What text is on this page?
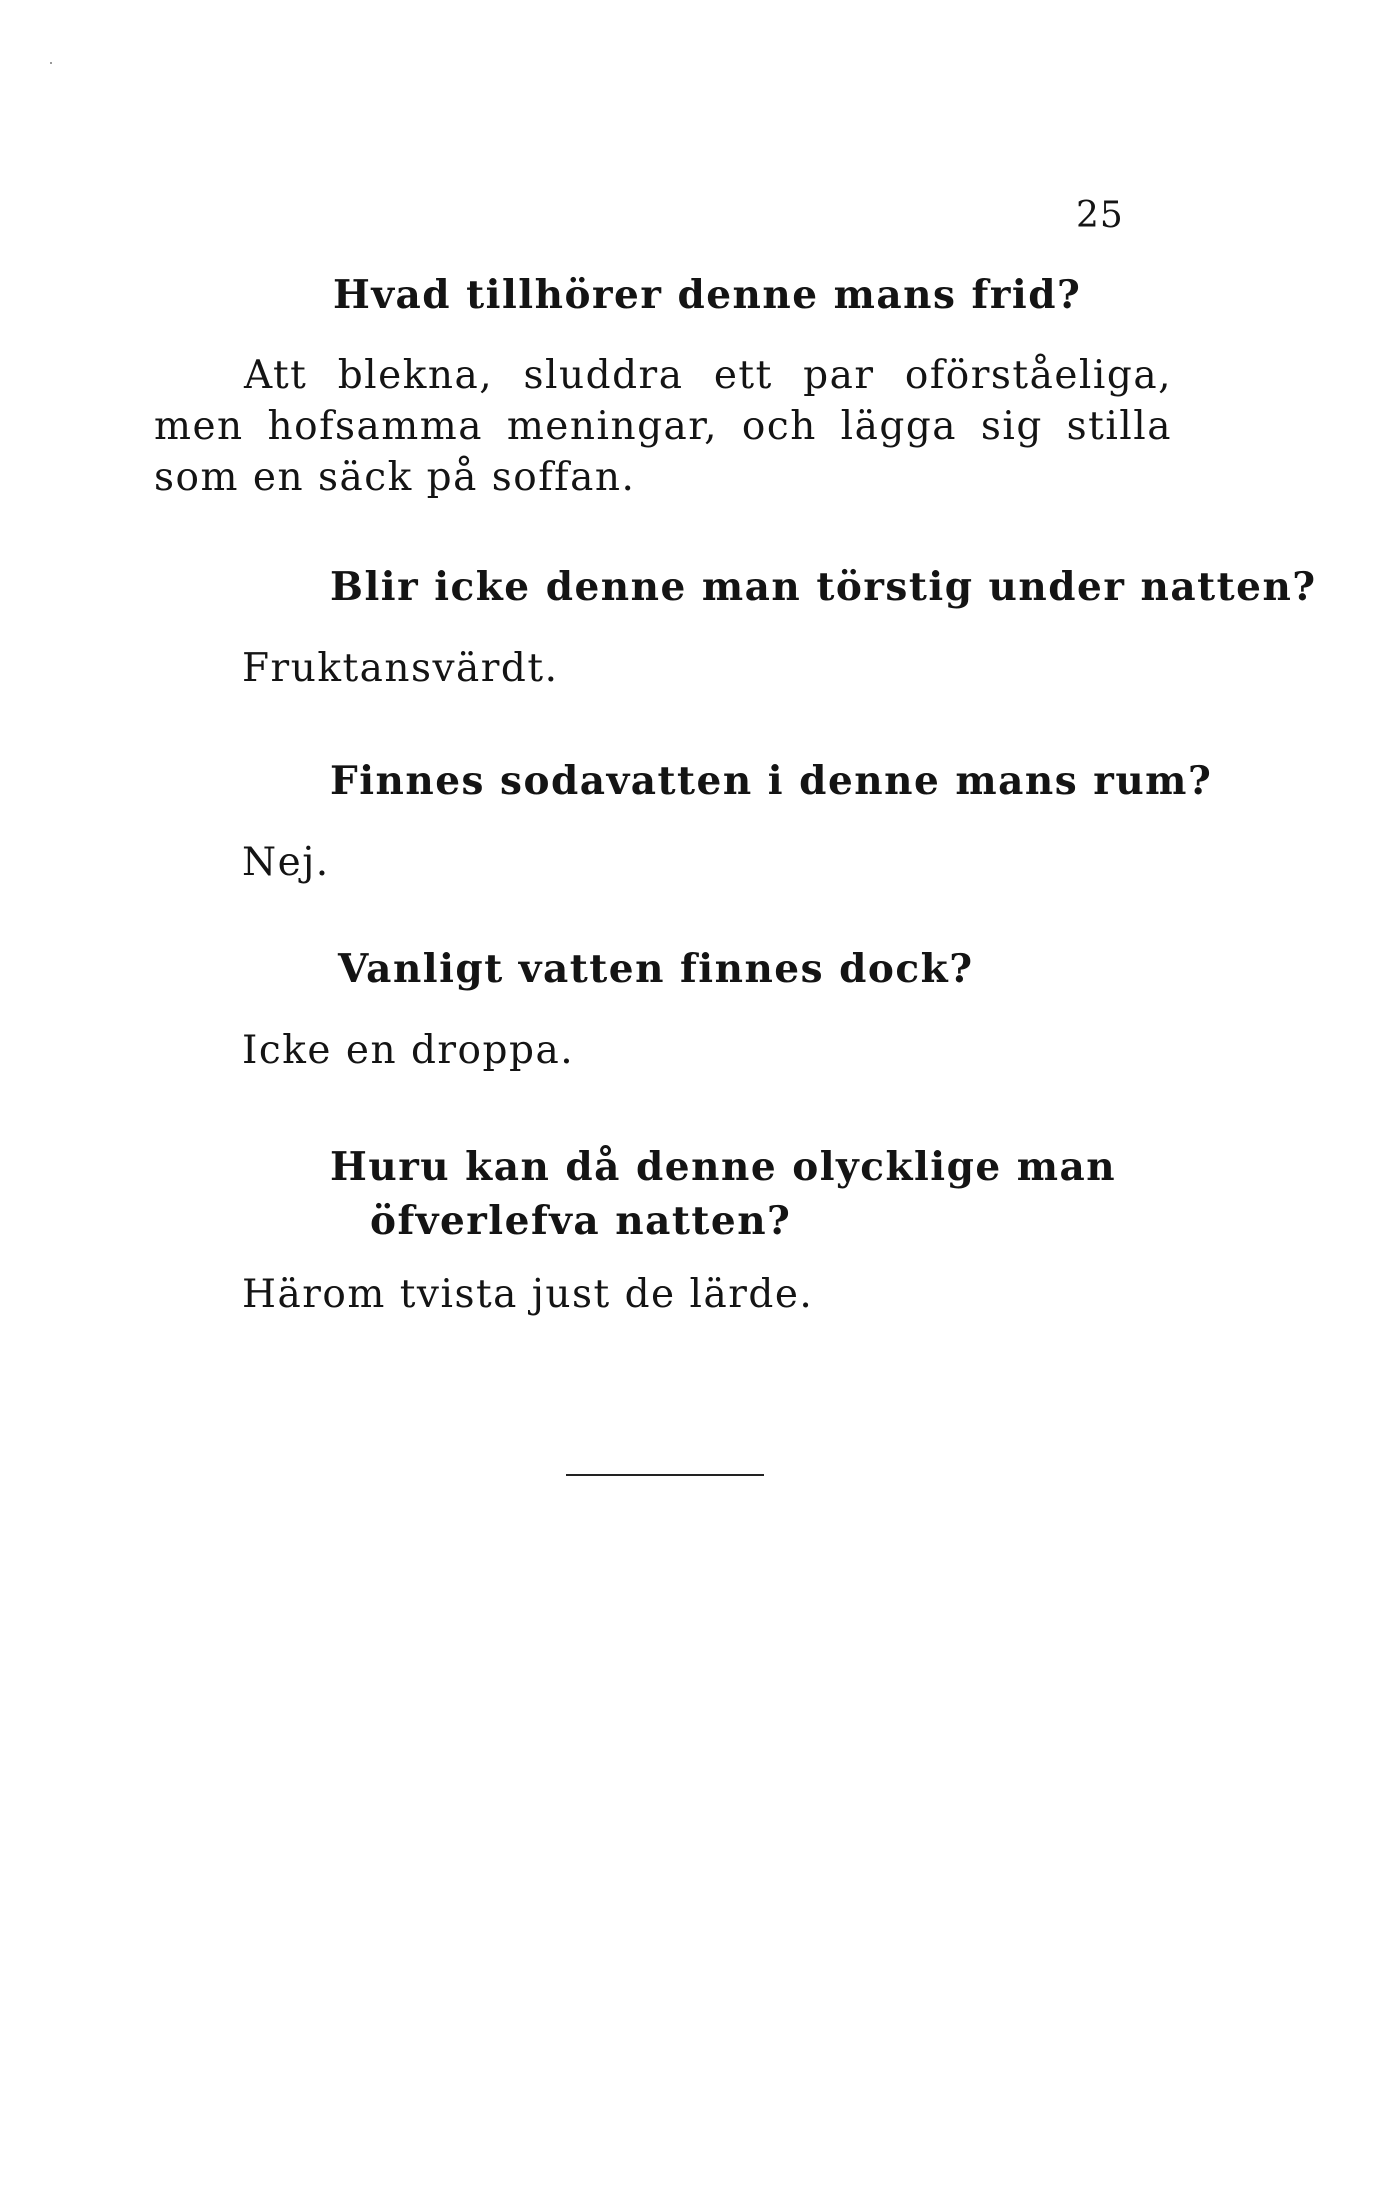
25
Hvad tillhörer denne mans frid?
Att blekna, sluddra ett par oförståeliga, men hofsamma meningar, och lägga sig stilla som en säck på soffan.
Blir icke denne man törstig under natten?
Fruktansvärdt.
Finnes sodavatten i denne mans rum?
Nej.
Vanligt vatten finnes dock?
Icke en droppa.
Huru kan då denne olycklige man öfverlefva natten?
Härom tvista just de lärde.
